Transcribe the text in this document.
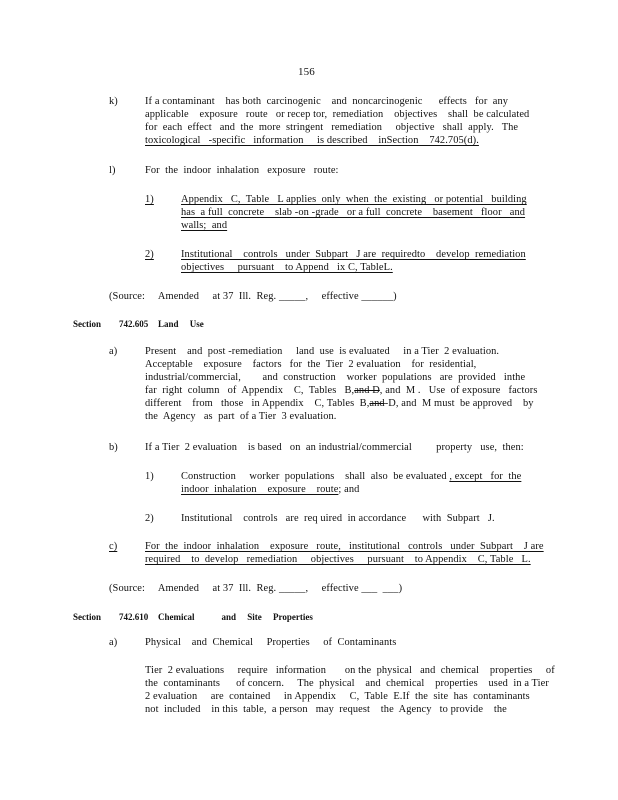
156
k)	If a contaminant    has both  carcinogenic    and  noncarcinogenic      effects   for  any
applicable    exposure   route   or recep tor,  remediation    objectives    shall  be calculated
for  each  effect   and  the  more  stringent   remediation     objective   shall  apply.   The
toxicological   -specific   information     is described    inSection    742.705(d).
l)	For  the  indoor  inhalation   exposure   route:
1)	Appendix   C,  Table   L applies  only  when  the  existing   or potential   building
has  a full  concrete    slab -on -grade   or a full  concrete    basement   floor   and
walls;  and
2)	Institutional    controls   under  Subpart   J are  requiredto    develop  remediation
objectives     pursuant    to Append   ix C, TableL.
(Source:     Amended     at 37  Ill.  Reg. _____,     effective ______)
Section        742.605 Land     Use
a)	Present    and  post -remediation     land  use  is evaluated     in a Tier  2 evaluation.
Acceptable    exposure    factors   for  the  Tier  2 evaluation    for  residential,
industrial/commercial,        and  construction    worker  populations   are  provided   inthe
far  right  column   of  Appendix    C,  Tables   B,and D, and  M .   Use  of exposure   factors
different    from   those   in Appendix    C, Tables  B,and-D, and  M must  be approved    by
the  Agency   as  part  of a Tier  3 evaluation.
b)	If a Tier  2 evaluation    is based   on  an industrial/commercial         property   use,  then:
1)	Construction     worker  populations    shall  also  be evaluated , except   for  the
indoor  inhalation    exposure    route; and
2)	Institutional    controls   are  req uired  in accordance      with  Subpart   J.
c)	For  the  indoor  inhalation    exposure   route,   institutional   controls   under  Subpart    J are
required    to  develop   remediation     objectives     pursuant    to Appendix    C, Table   L.
(Source:     Amended     at 37  Ill.  Reg. _____,     effective ___  ___)
Section        742.610 Chemical            and     Site     Properties
a)	Physical    and  Chemical     Properties     of  Contaminants
Tier  2 evaluations     require   information       on the  physical   and  chemical    properties     of
the  contaminants      of concern.     The  physical    and  chemical    properties    used  in a Tier
2 evaluation     are  contained     in Appendix     C,  Table  E.If  the  site  has  contaminants
not  included    in this  table,  a person   may  request    the  Agency   to provide    the
